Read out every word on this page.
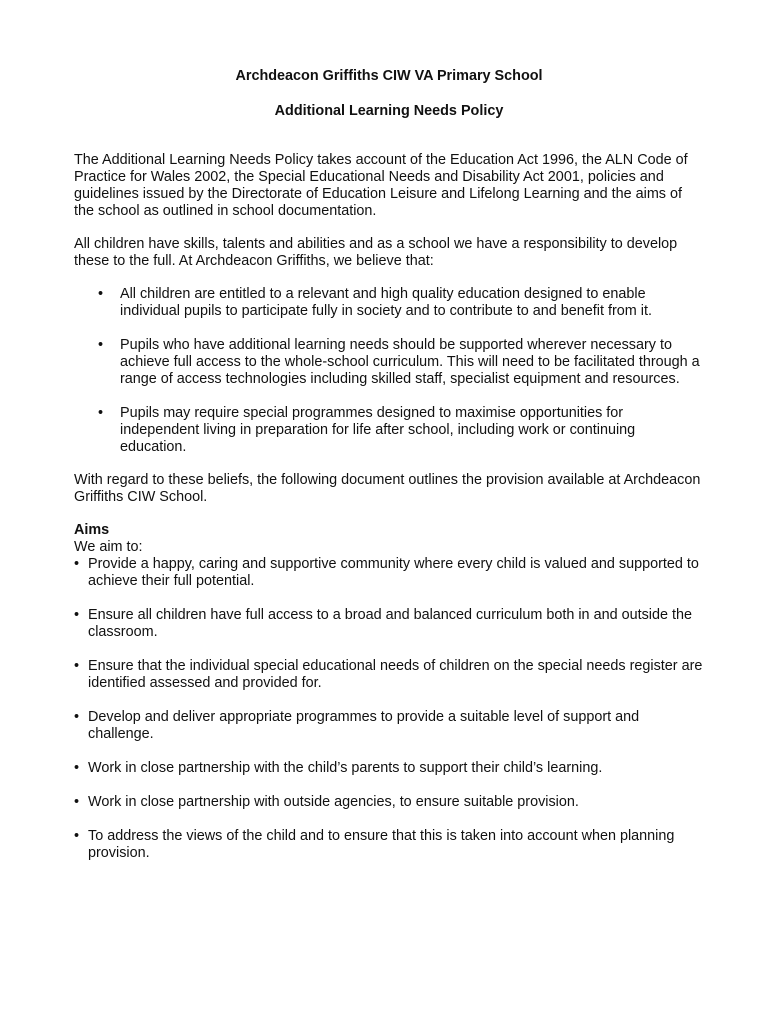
Archdeacon Griffiths CIW VA Primary School

Additional Learning Needs Policy

The Additional Learning Needs Policy takes account of the Education Act 1996, the ALN Code of Practice for Wales 2002, the Special Educational Needs and Disability Act 2001, policies and guidelines issued by the Directorate of Education Leisure and Lifelong Learning and the aims of the school as outlined in school documentation.

All children have skills, talents and abilities and as a school we have a responsibility to develop these to the full. At Archdeacon Griffiths, we believe that:

• All children are entitled to a relevant and high quality education designed to enable individual pupils to participate fully in society and to contribute to and benefit from it.
• Pupils who have additional learning needs should be supported wherever necessary to achieve full access to the whole-school curriculum. This will need to be facilitated through a range of access technologies including skilled staff, specialist equipment and resources.
• Pupils may require special programmes designed to maximise opportunities for independent living in preparation for life after school, including work or continuing education.

With regard to these beliefs, the following document outlines the provision available at Archdeacon Griffiths CIW School.

Aims

We aim to:

• Provide a happy, caring and supportive community where every child is valued and supported to achieve their full potential.
• Ensure all children have full access to a broad and balanced curriculum both in and outside the classroom.
• Ensure that the individual special educational needs of children on the special needs register are identified assessed and provided for.
• Develop and deliver appropriate programmes to provide a suitable level of support and challenge.
• Work in close partnership with the child’s parents to support their child’s learning.
• Work in close partnership with outside agencies, to ensure suitable provision.
• To address the views of the child and to ensure that this is taken into account when planning provision.
